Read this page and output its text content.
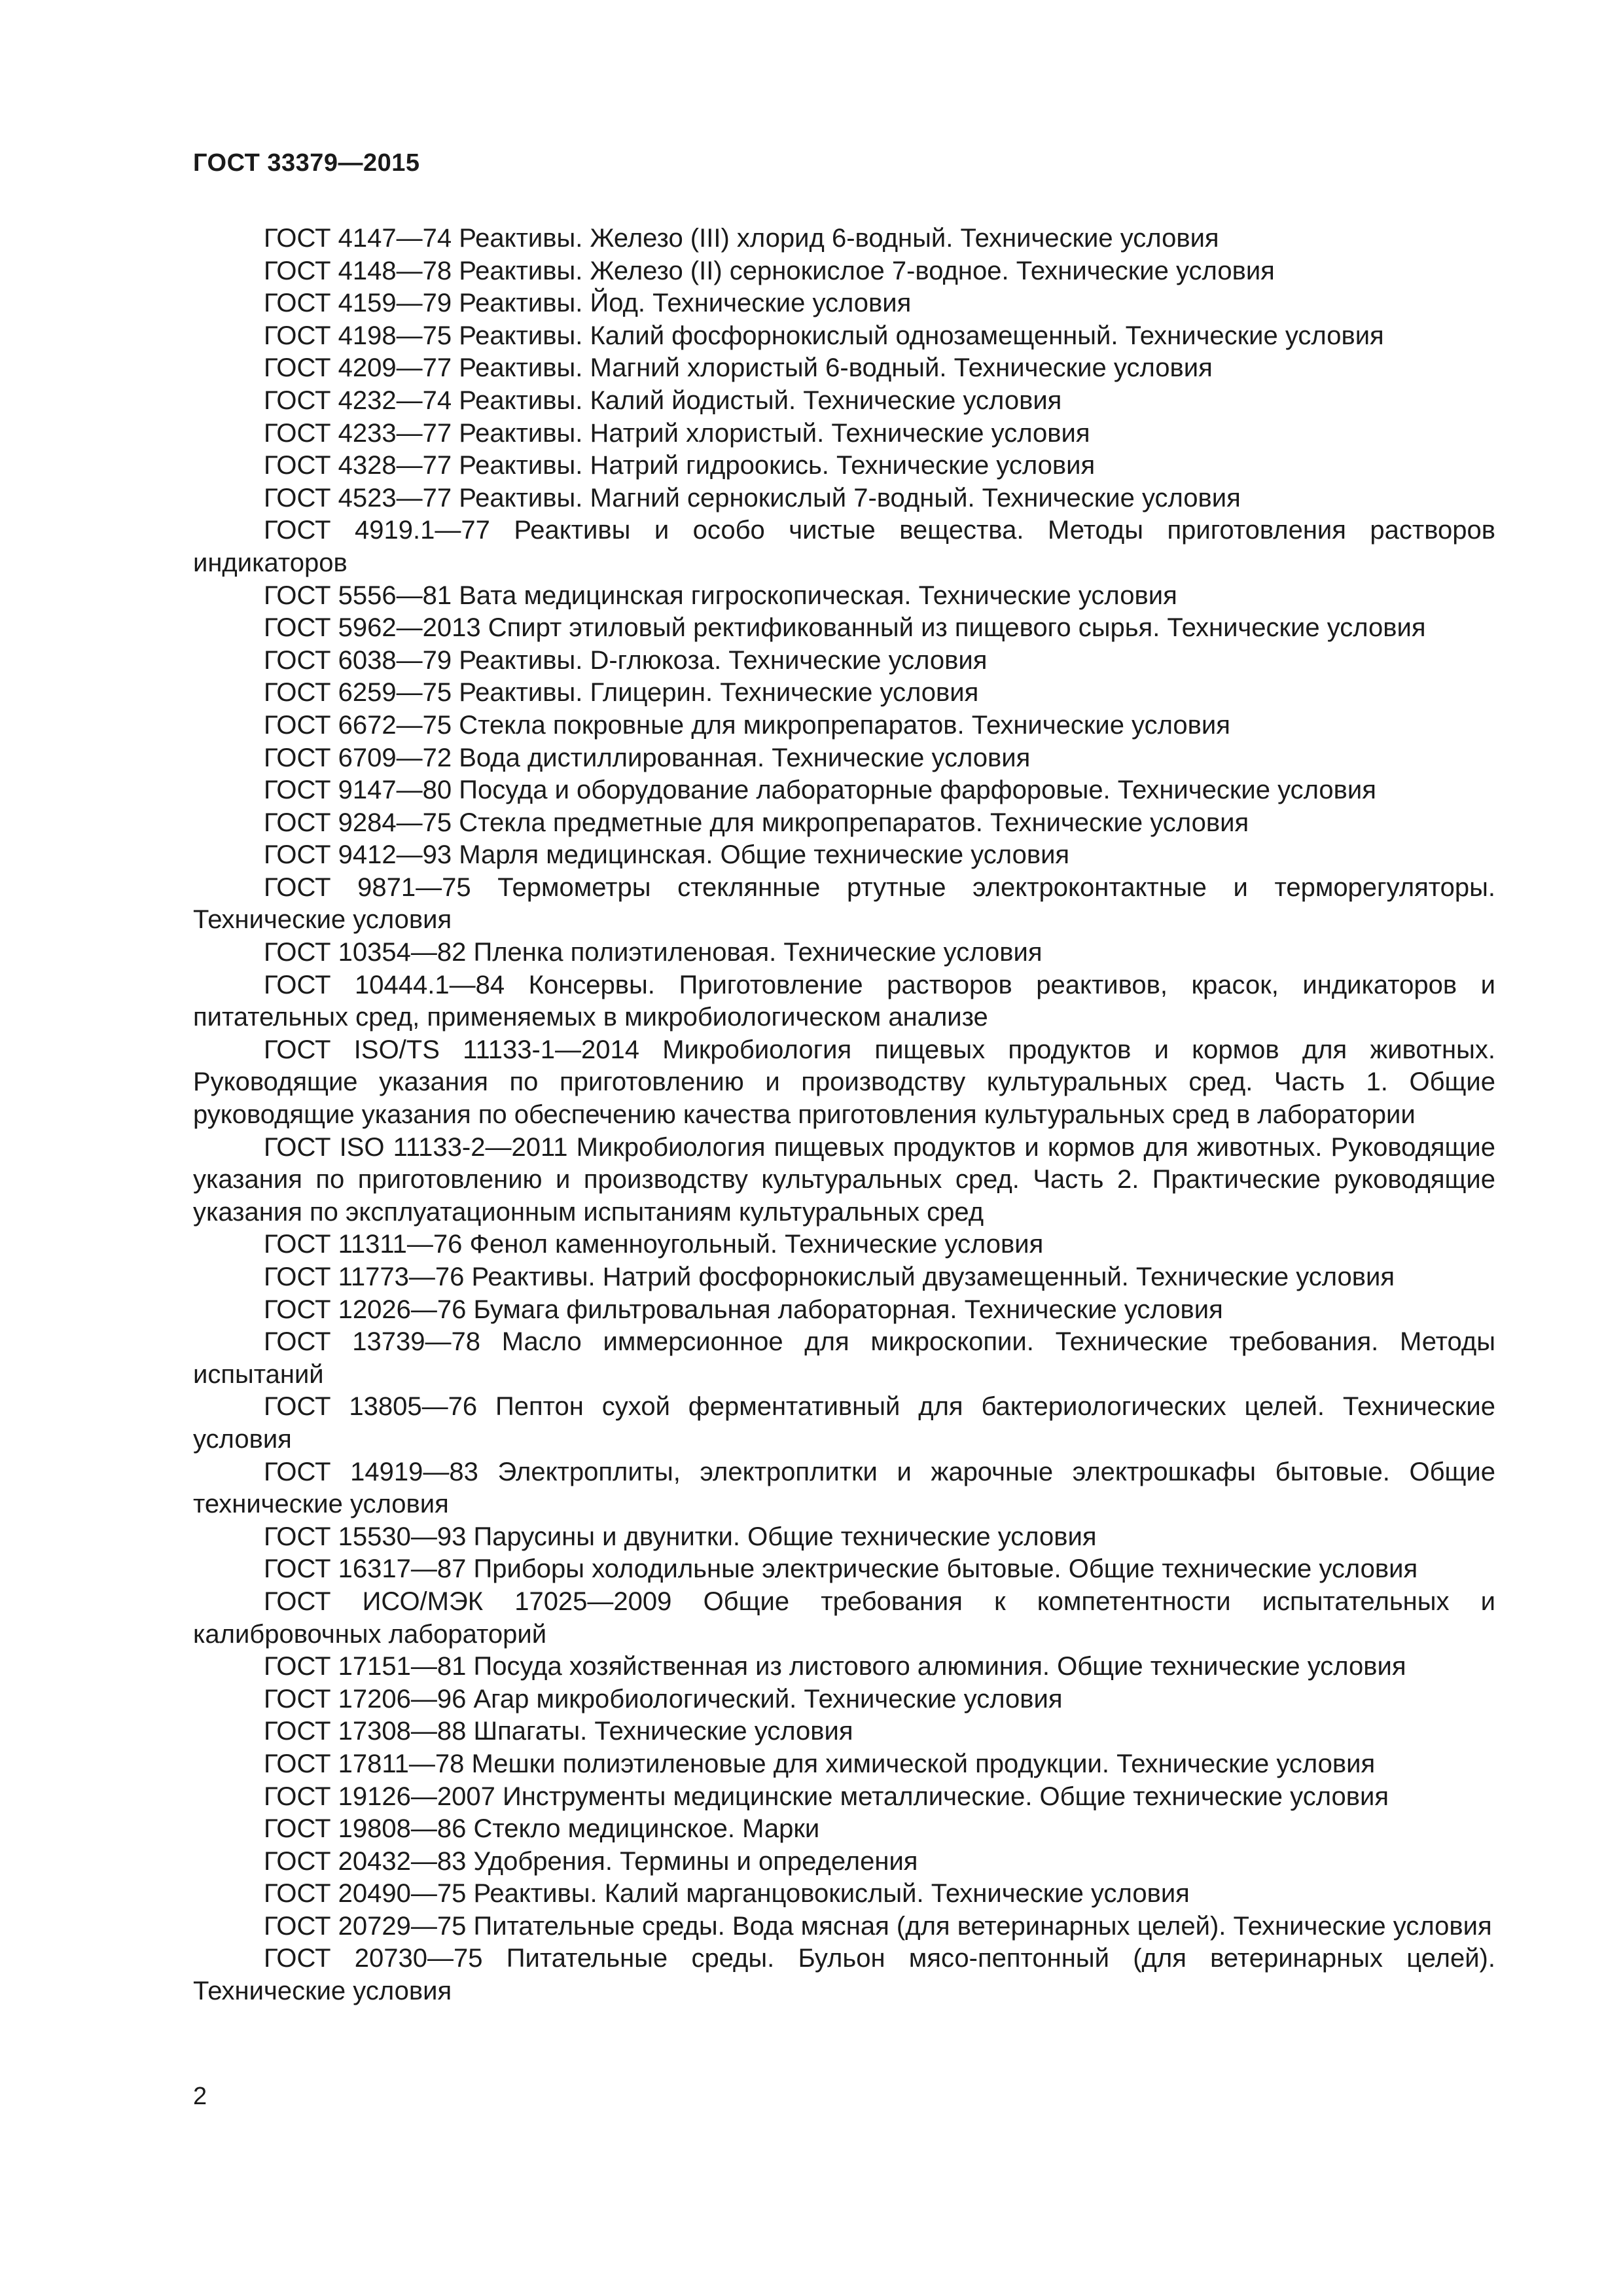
ГОСТ 33379—2015

ГОСТ 4147—74 Реактивы. Железо (III) хлорид 6-водный. Технические условия

ГОСТ 4148—78 Реактивы. Железо (II) сернокислое 7-водное. Технические условия

ГОСТ 4159—79 Реактивы. Йод. Технические условия

ГОСТ 4198—75 Реактивы. Калий фосфорнокислый однозамещенный. Технические условия

ГОСТ 4209—77 Реактивы. Магний хлористый 6-водный. Технические условия

ГОСТ 4232—74 Реактивы. Калий йодистый. Технические условия

ГОСТ 4233—77 Реактивы. Натрий хлористый. Технические условия

ГОСТ 4328—77 Реактивы. Натрий гидроокись. Технические условия

ГОСТ 4523—77 Реактивы. Магний сернокислый 7-водный. Технические условия

ГОСТ 4919.1—77 Реактивы и особо чистые вещества. Методы приготовления растворов индикаторов

ГОСТ 5556—81 Вата медицинская гигроскопическая. Технические условия

ГОСТ 5962—2013 Спирт этиловый ректификованный из пищевого сырья. Технические условия

ГОСТ 6038—79 Реактивы. D-глюкоза. Технические условия

ГОСТ 6259—75 Реактивы. Глицерин. Технические условия

ГОСТ 6672—75 Стекла покровные для микропрепаратов. Технические условия

ГОСТ 6709—72 Вода дистиллированная. Технические условия

ГОСТ 9147—80 Посуда и оборудование лабораторные фарфоровые. Технические условия

ГОСТ 9284—75 Стекла предметные для микропрепаратов. Технические условия

ГОСТ 9412—93 Марля медицинская. Общие технические условия

ГОСТ 9871—75 Термометры стеклянные ртутные электроконтактные и терморегуляторы. Технические условия

ГОСТ 10354—82 Пленка полиэтиленовая. Технические условия

ГОСТ 10444.1—84 Консервы. Приготовление растворов реактивов, красок, индикаторов и питательных сред, применяемых в микробиологическом анализе

ГОСТ ISO/TS 11133-1—2014 Микробиология пищевых продуктов и кормов для животных. Руководящие указания по приготовлению и производству культуральных сред. Часть 1. Общие руководящие указания по обеспечению качества приготовления культуральных сред в лаборатории

ГОСТ ISO 11133-2—2011 Микробиология пищевых продуктов и кормов для животных. Руководящие указания по приготовлению и производству культуральных сред. Часть 2. Практические руководящие указания по эксплуатационным испытаниям культуральных сред

ГОСТ 11311—76 Фенол каменноугольный. Технические условия

ГОСТ 11773—76 Реактивы. Натрий фосфорнокислый двузамещенный. Технические условия

ГОСТ 12026—76 Бумага фильтровальная лабораторная. Технические условия

ГОСТ 13739—78 Масло иммерсионное для микроскопии. Технические требования. Методы испытаний

ГОСТ 13805—76 Пептон сухой ферментативный для бактериологических целей. Технические условия

ГОСТ 14919—83 Электроплиты, электроплитки и жарочные электрошкафы бытовые. Общие технические условия

ГОСТ 15530—93 Парусины и двунитки. Общие технические условия

ГОСТ 16317—87 Приборы холодильные электрические бытовые. Общие технические условия

ГОСТ ИСО/МЭК 17025—2009 Общие требования к компетентности испытательных и калибровочных лабораторий

ГОСТ 17151—81 Посуда хозяйственная из листового алюминия. Общие технические условия

ГОСТ 17206—96 Агар микробиологический. Технические условия

ГОСТ 17308—88 Шпагаты. Технические условия

ГОСТ 17811—78 Мешки полиэтиленовые для химической продукции. Технические условия

ГОСТ 19126—2007 Инструменты медицинские металлические. Общие технические условия

ГОСТ 19808—86 Стекло медицинское. Марки

ГОСТ 20432—83 Удобрения. Термины и определения

ГОСТ 20490—75 Реактивы. Калий марганцовокислый. Технические условия

ГОСТ 20729—75 Питательные среды. Вода мясная (для ветеринарных целей). Технические условия

ГОСТ 20730—75 Питательные среды. Бульон мясо-пептонный (для ветеринарных целей). Технические условия

2
